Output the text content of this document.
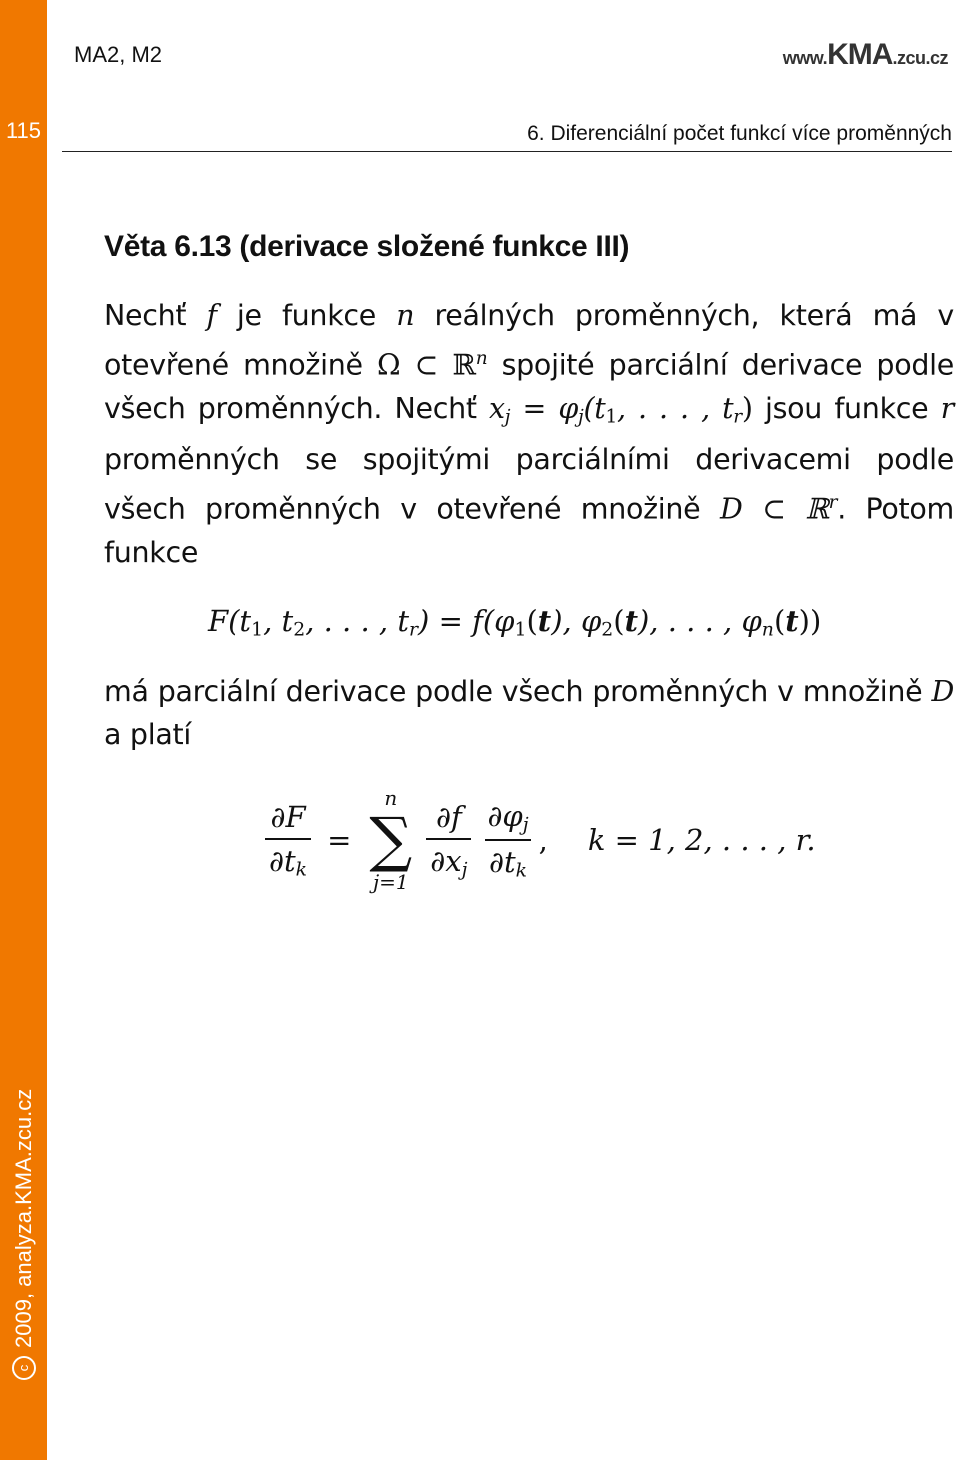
115
c
2009, analyza.KMA.zcu.cz
MA2, M2	www.KMA.zcu.cz
6. Diferenciální počet funkcí více proměnných
Věta 6.13 (derivace složené funkce III)

Nechť f je funkce n reálných proměnných, která má v otevřené množině Ω ⊂ ℝ$^n$ spojité parciální derivace podle všech proměnných. Nechť $x_j = \varphi_j(t_1$, . . . , $t_r$) jsou funkce r proměnných se spojitými parciálními derivacemi podle všech proměnných v otevřené množině D ⊂ ℝ$^r$. Potom funkce

$F(t_1$, $t_2$, . . . , $t_r) = f(\varphi_1(t)$, $\varphi_2(t)$, . . . , $\varphi_n(t)$)

má parciální derivace podle všech proměnných v množině D a platí

$\frac{\partial F}{\partial t_k}$ =
n
∑
j=1
$\frac{\partial f}{\partial x_j} \frac{\partial\varphi_j}{\partial t_k}$ , k = 1, 2, . . . , r.
